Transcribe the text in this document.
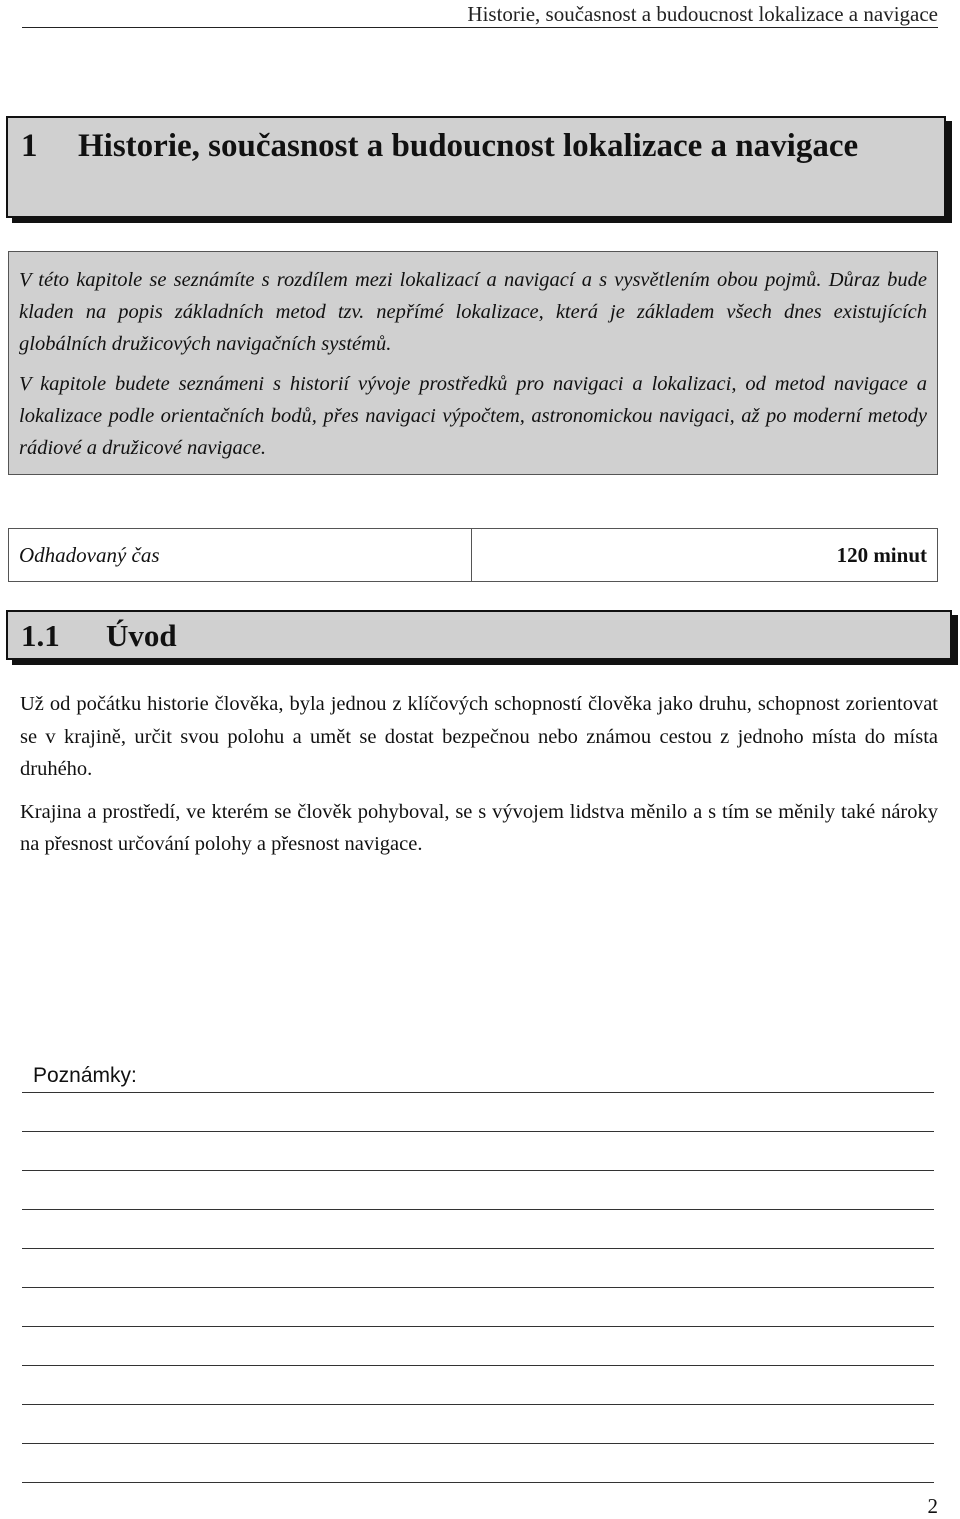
Historie, současnost a budoucnost lokalizace a navigace
1 Historie, současnost a budoucnost lokalizace a navigace

V této kapitole se seznámíte s rozdílem mezi lokalizací a navigací a s vysvětlením obou pojmů. Důraz bude kladen na popis základních metod tzv. nepřímé lokalizace, která je základem všech dnes existujících globálních družicových navigačních systémů.

V kapitole budete seznámeni s historií vývoje prostředků pro navigaci a lokalizaci, od metod navigace a lokalizace podle orientačních bodů, přes navigaci výpočtem, astronomickou navigaci, až po moderní metody rádiové a družicové navigace.

Odhadovaný čas	120 minut
1.1 Úvod

Už od počátku historie člověka, byla jednou z klíčových schopností člověka jako druhu, schopnost zorientovat se v krajině, určit svou polohu a umět se dostat bezpečnou nebo známou cestou z jednoho místa do místa druhého.

Krajina a prostředí, ve kterém se člověk pohyboval, se s vývojem lidstva měnilo a s tím se měnily také nároky na přesnost určování polohy a přesnost navigace.

Poznámky:
2
